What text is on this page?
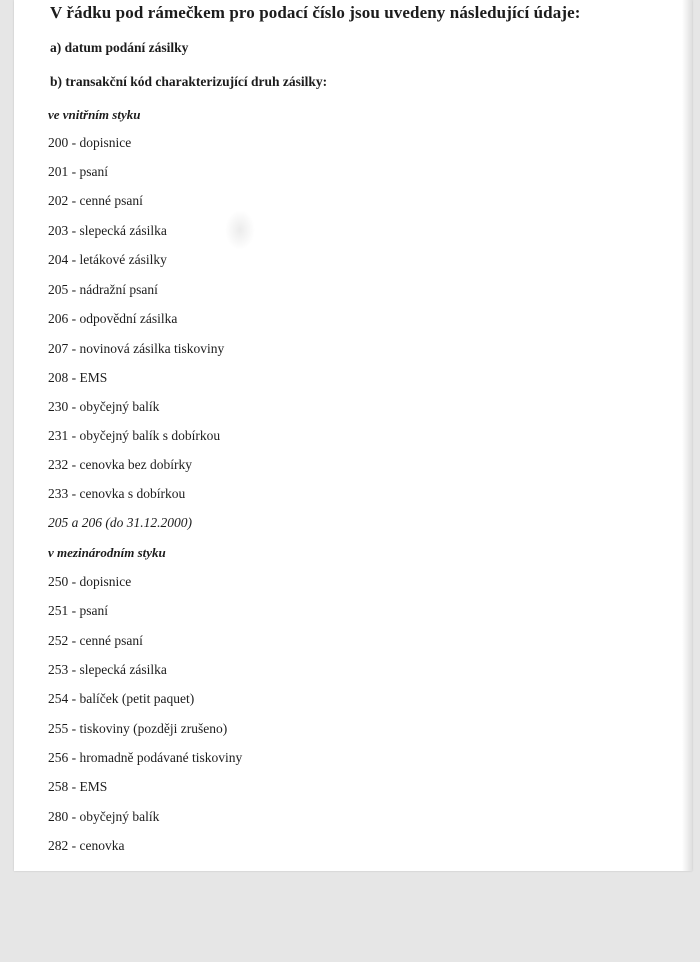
V řádku pod rámečkem pro podací číslo jsou uvedeny následující údaje:
a) datum podání zásilky
b) transakční kód charakterizující druh zásilky:
ve vnitřním styku
200 - dopisnice
201 - psaní
202 - cenné psaní
203 - slepecká zásilka
204 - letákové zásilky
205 - nádražní psaní
206 - odpovědní zásilka
207 - novinová zásilka tiskoviny
208 - EMS
230 - obyčejný balík
231 - obyčejný balík s dobírkou
232 - cenovka bez dobírky
233 - cenovka s dobírkou
205 a 206 (do 31.12.2000)
v mezinárodním styku
250 - dopisnice
251 - psaní
252 - cenné psaní
253 - slepecká zásilka
254 - balíček (petit paquet)
255 - tiskoviny (později zrušeno)
256 - hromadně podávané tiskoviny
258 - EMS
280 - obyčejný balík
282 - cenovka
